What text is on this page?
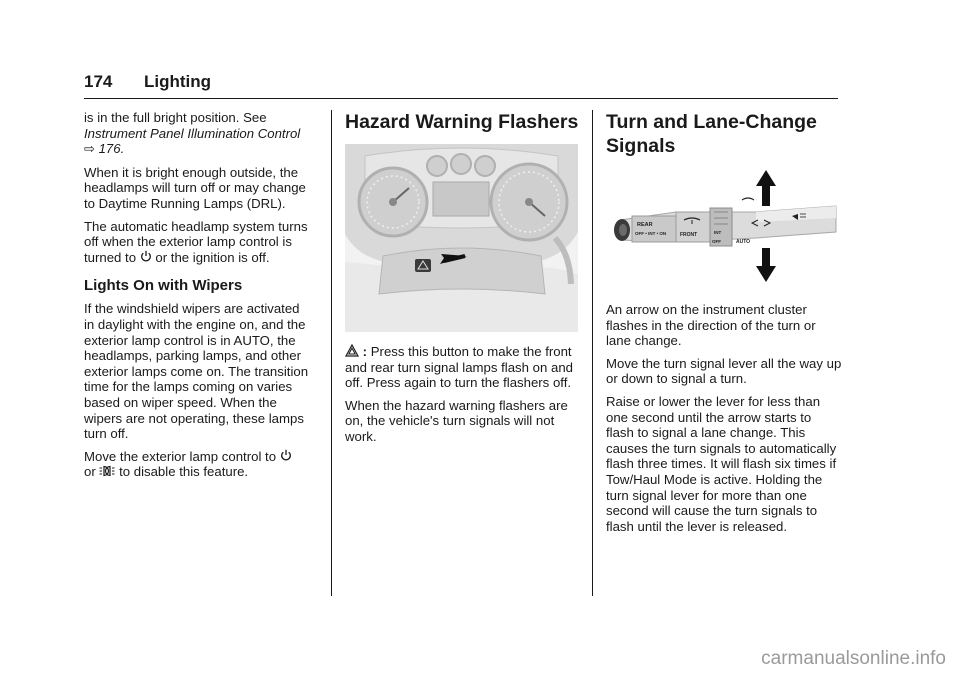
174 Lighting

is in the full bright position. See
Instrument Panel Illumination Control ⇨ 176.

When it is bright enough outside, the headlamps will turn off or may change to Daytime Running Lamps (DRL).

The automatic headlamp system turns off when the exterior lamp control is turned to or the ignition is off.

Lights On with Wipers

If the windshield wipers are activated in daylight with the engine on, and the exterior lamp control is in AUTO, the headlamps, parking lamps, and other exterior lamps come on. The transition time for the lamps coming on varies based on wiper speed. When the wipers are not operating, these lamps turn off.

Move the exterior lamp control to
or to disable this feature.

Hazard Warning Flashers

: Press this button to make the front and rear turn signal lamps flash on and off. Press again to turn the flashers off.

When the hazard warning flashers are on, the vehicle's turn signals will not work.

Turn and Lane-Change Signals
REAR
OFF • INT • ON	FRONT	INT
OFF	AUTO

An arrow on the instrument cluster flashes in the direction of the turn or lane change.

Move the turn signal lever all the way up or down to signal a turn.

Raise or lower the lever for less than one second until the arrow starts to flash to signal a lane change. This causes the turn signals to automatically flash three times. It will flash six times if Tow/Haul Mode is active. Holding the turn signal lever for more than one second will cause the turn signals to flash until the lever is released.

carmanualsonline.info
